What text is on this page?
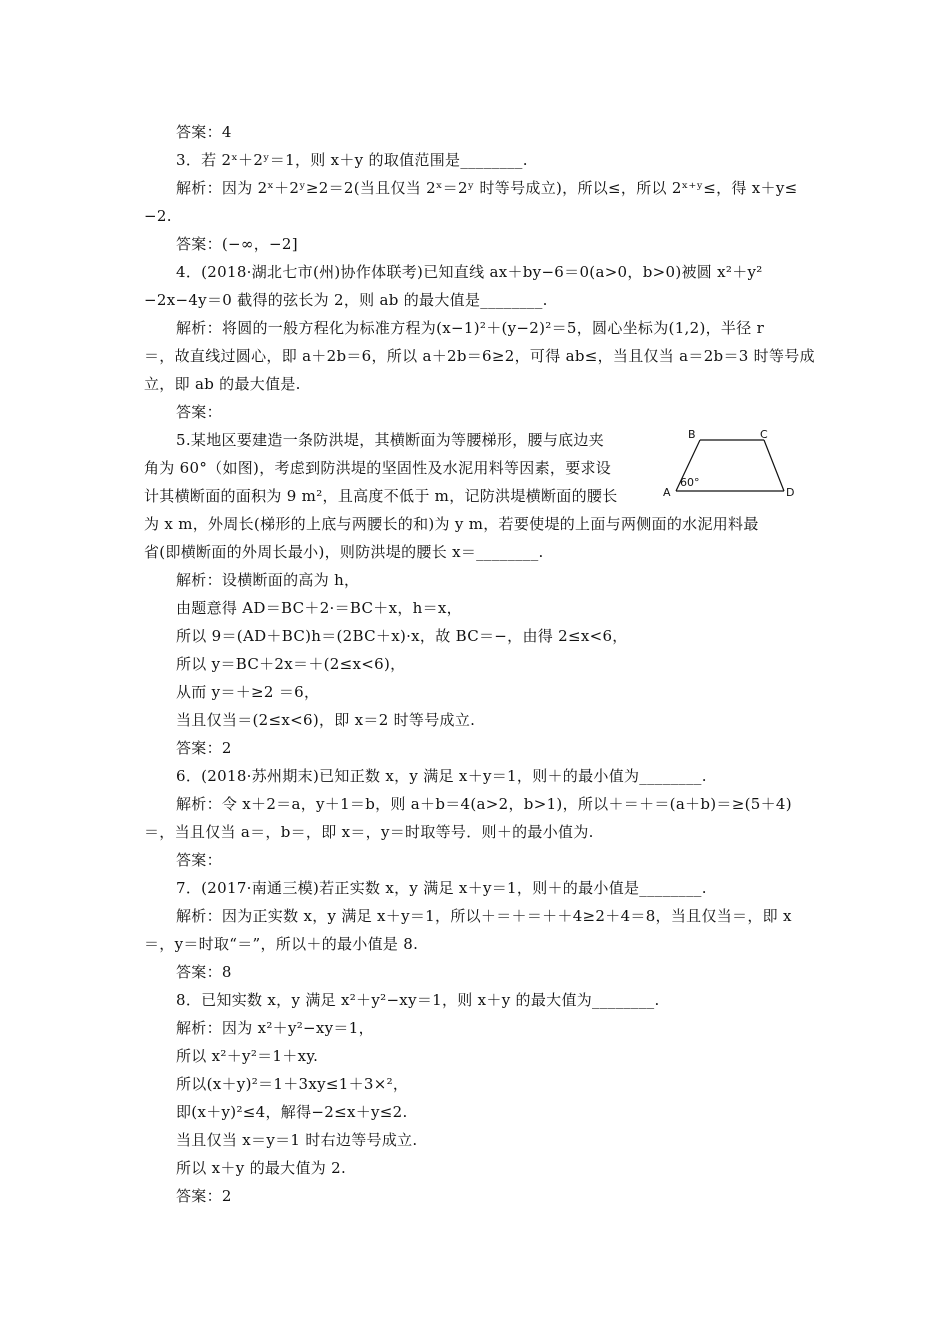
答案：4
3．若 2ˣ＋2ʸ＝1，则 x＋y 的取值范围是________.
解析：因为 2ˣ＋2ʸ≥2＝2(当且仅当 2ˣ＝2ʸ 时等号成立)，所以≤，所以 2ˣ⁺ʸ≤，得 x＋y≤
−2.
答案：(−∞，−2]
4．(2018·湖北七市(州)协作体联考)已知直线 ax＋by−6＝0(a>0，b>0)被圆 x²＋y²
−2x−4y＝0 截得的弦长为 2，则 ab 的最大值是________.
解析：将圆的一般方程化为标准方程为(x−1)²＋(y−2)²＝5，圆心坐标为(1,2)，半径 r
＝，故直线过圆心，即 a＋2b＝6，所以 a＋2b＝6≥2，可得 ab≤，当且仅当 a＝2b＝3 时等号成
立，即 ab 的最大值是.
答案：
5.某地区要建造一条防洪堤，其横断面为等腰梯形，腰与底边夹
角为 60°（如图)，考虑到防洪堤的坚固性及水泥用料等因素，要求设
计其横断面的面积为 9 m²，且高度不低于 m，记防洪堤横断面的腰长
为 x m，外周长(梯形的上底与两腰长的和)为 y m，若要使堤的上面与两侧面的水泥用料最
省(即横断面的外周长最小)，则防洪堤的腰长 x＝________.
B	C
A	D
60°
解析：设横断面的高为 h，
由题意得 AD＝BC＋2·＝BC＋x，h＝x，
所以 9＝(AD＋BC)h＝(2BC＋x)·x，故 BC＝−，由得 2≤x<6，
所以 y＝BC＋2x＝＋(2≤x<6)，
从而 y＝＋≥2 ＝6，
当且仅当＝(2≤x<6)，即 x＝2 时等号成立.
答案：2
6．(2018·苏州期末)已知正数 x，y 满足 x＋y＝1，则＋的最小值为________.
解析：令 x＋2＝a，y＋1＝b，则 a＋b＝4(a>2，b>1)，所以＋＝＋＝(a＋b)＝≥(5＋4)
＝，当且仅当 a＝，b＝，即 x＝，y＝时取等号．则＋的最小值为.
答案：
7．(2017·南通三模)若正实数 x，y 满足 x＋y＝1，则＋的最小值是________.
解析：因为正实数 x，y 满足 x＋y＝1，所以＋＝＋＝＋＋4≥2＋4＝8，当且仅当＝，即 x
＝，y＝时取“＝”，所以＋的最小值是 8.
答案：8
8．已知实数 x，y 满足 x²＋y²−xy＝1，则 x＋y 的最大值为________.
解析：因为 x²＋y²−xy＝1，
所以 x²＋y²＝1＋xy.
所以(x＋y)²＝1＋3xy≤1＋3×²，
即(x＋y)²≤4，解得−2≤x＋y≤2.
当且仅当 x＝y＝1 时右边等号成立.
所以 x＋y 的最大值为 2.
答案：2
